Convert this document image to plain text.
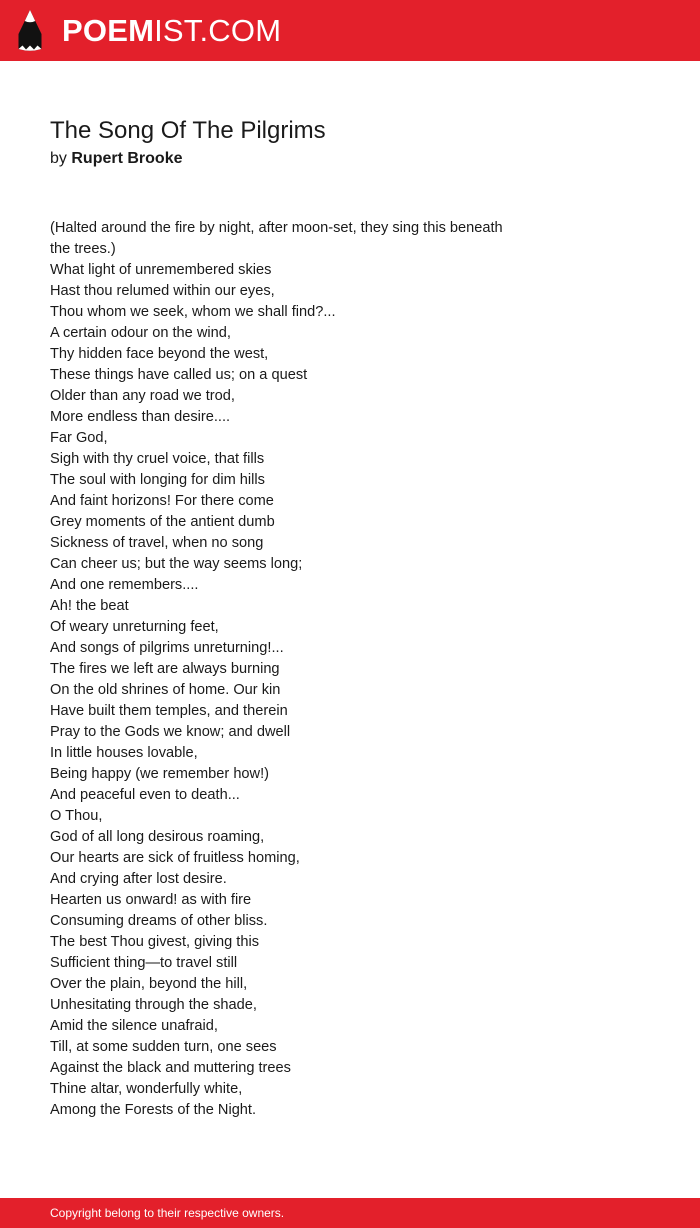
POEMIST.COM
The Song Of The Pilgrims
by Rupert Brooke
(Halted around the fire by night, after moon-set, they sing this beneath
the trees.)
What light of unremembered skies
Hast thou relumed within our eyes,
Thou whom we seek, whom we shall find?...
A certain odour on the wind,
Thy hidden face beyond the west,
These things have called us; on a quest
Older than any road we trod,
More endless than desire....
Far God,
Sigh with thy cruel voice, that fills
The soul with longing for dim hills
And faint horizons! For there come
Grey moments of the antient dumb
Sickness of travel, when no song
Can cheer us; but the way seems long;
And one remembers....
Ah! the beat
Of weary unreturning feet,
And songs of pilgrims unreturning!...
The fires we left are always burning
On the old shrines of home. Our kin
Have built them temples, and therein
Pray to the Gods we know; and dwell
In little houses lovable,
Being happy (we remember how!)
And peaceful even to death...
O Thou,
God of all long desirous roaming,
Our hearts are sick of fruitless homing,
And crying after lost desire.
Hearten us onward! as with fire
Consuming dreams of other bliss.
The best Thou givest, giving this
Sufficient thing—to travel still
Over the plain, beyond the hill,
Unhesitating through the shade,
Amid the silence unafraid,
Till, at some sudden turn, one sees
Against the black and muttering trees
Thine altar, wonderfully white,
Among the Forests of the Night.
Copyright belong to their respective owners.
